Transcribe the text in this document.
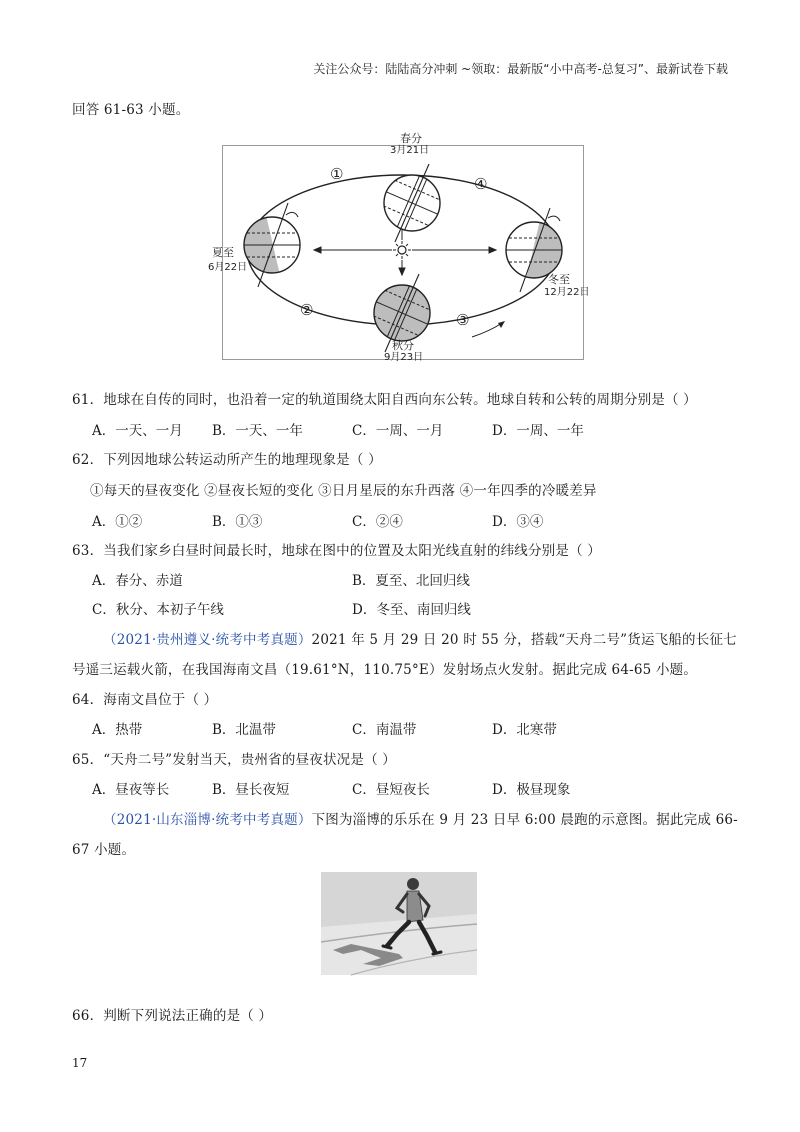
关注公众号：陆陆高分冲刺 ~领取：最新版“小中高考-总复习”、最新试卷下载
回答 61-63 小题。
春分
3月21日
夏至
6月22日
冬至
12月22日
秋分
9月23日
①
②
③
④
61．地球在自传的同时，也沿着一定的轨道围绕太阳自西向东公转。地球自转和公转的周期分别是（ ）
A．一天、一月 B．一天、一年	C．一周、一月	D．一周、一年
62．下列因地球公转运动所产生的地理现象是（ ）
①每天的昼夜变化 ②昼夜长短的变化 ③日月星辰的东升西落 ④一年四季的冷暖差异
A．①②	B．①③	C．②④	D．③④
63．当我们家乡白昼时间最长时，地球在图中的位置及太阳光线直射的纬线分别是（ ）
A．春分、赤道	B．夏至、北回归线
C．秋分、本初子午线	D．冬至、南回归线
（2021·贵州遵义·统考中考真题）2021 年 5 月 29 日 20 时 55 分，搭载“天舟二号”货运飞船的长征七
号遥三运载火箭，在我国海南文昌（19.61°N，110.75°E）发射场点火发射。据此完成 64-65 小题。
64．海南文昌位于（ ）
A．热带	B．北温带	C．南温带	D．北寒带
65．“天舟二号”发射当天，贵州省的昼夜状况是（ ）
A．昼夜等长	B．昼长夜短	C．昼短夜长	D．极昼现象
（2021·山东淄博·统考中考真题）下图为淄博的乐乐在 9 月 23 日早 6:00 晨跑的示意图。据此完成 66-
67 小题。
66．判断下列说法正确的是（ ）
17
